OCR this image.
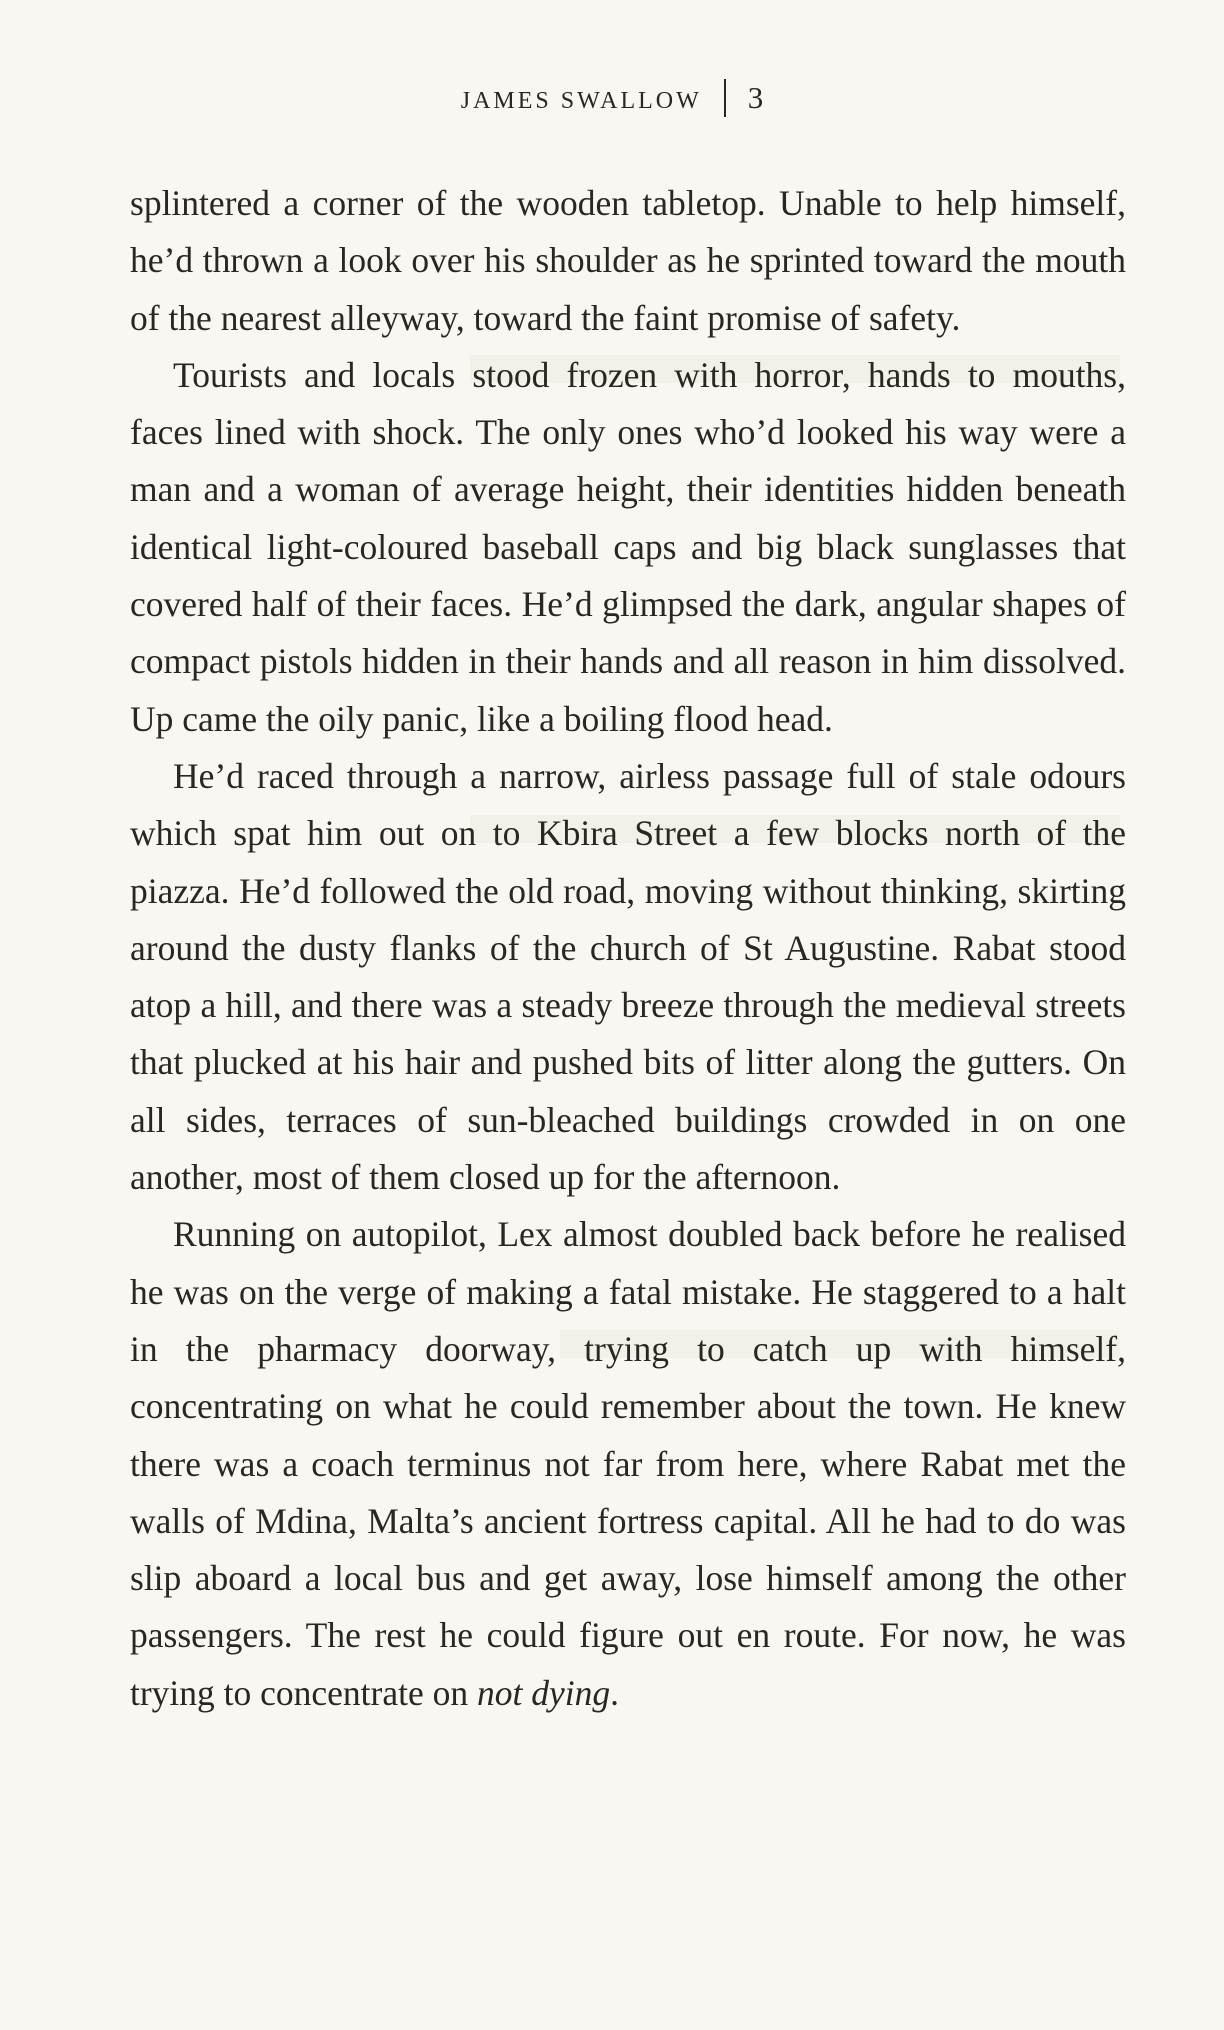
JAMES SWALLOW 3

splintered a corner of the wooden tabletop. Unable to help himself, he’d thrown a look over his shoulder as he sprinted toward the mouth of the nearest alleyway, toward the faint promise of safety.

Tourists and locals stood frozen with horror, hands to mouths, faces lined with shock. The only ones who’d looked his way were a man and a woman of average height, their identities hidden beneath identical light-coloured baseball caps and big black sunglasses that covered half of their faces. He’d glimpsed the dark, angular shapes of compact pistols hidden in their hands and all reason in him dissolved. Up came the oily panic, like a boiling flood head.

He’d raced through a narrow, airless passage full of stale odours which spat him out on to Kbira Street a few blocks north of the piazza. He’d followed the old road, moving without thinking, skirting around the dusty flanks of the church of St Augustine. Rabat stood atop a hill, and there was a steady breeze through the medieval streets that plucked at his hair and pushed bits of litter along the gutters. On all sides, terraces of sun-bleached buildings crowded in on one another, most of them closed up for the afternoon.

Running on autopilot, Lex almost doubled back before he realised he was on the verge of making a fatal mistake. He staggered to a halt in the pharmacy doorway, trying to catch up with himself, concentrating on what he could remember about the town. He knew there was a coach terminus not far from here, where Rabat met the walls of Mdina, Malta’s ancient fortress capital. All he had to do was slip aboard a local bus and get away, lose himself among the other passengers. The rest he could figure out en route. For now, he was trying to concentrate on not dying.
